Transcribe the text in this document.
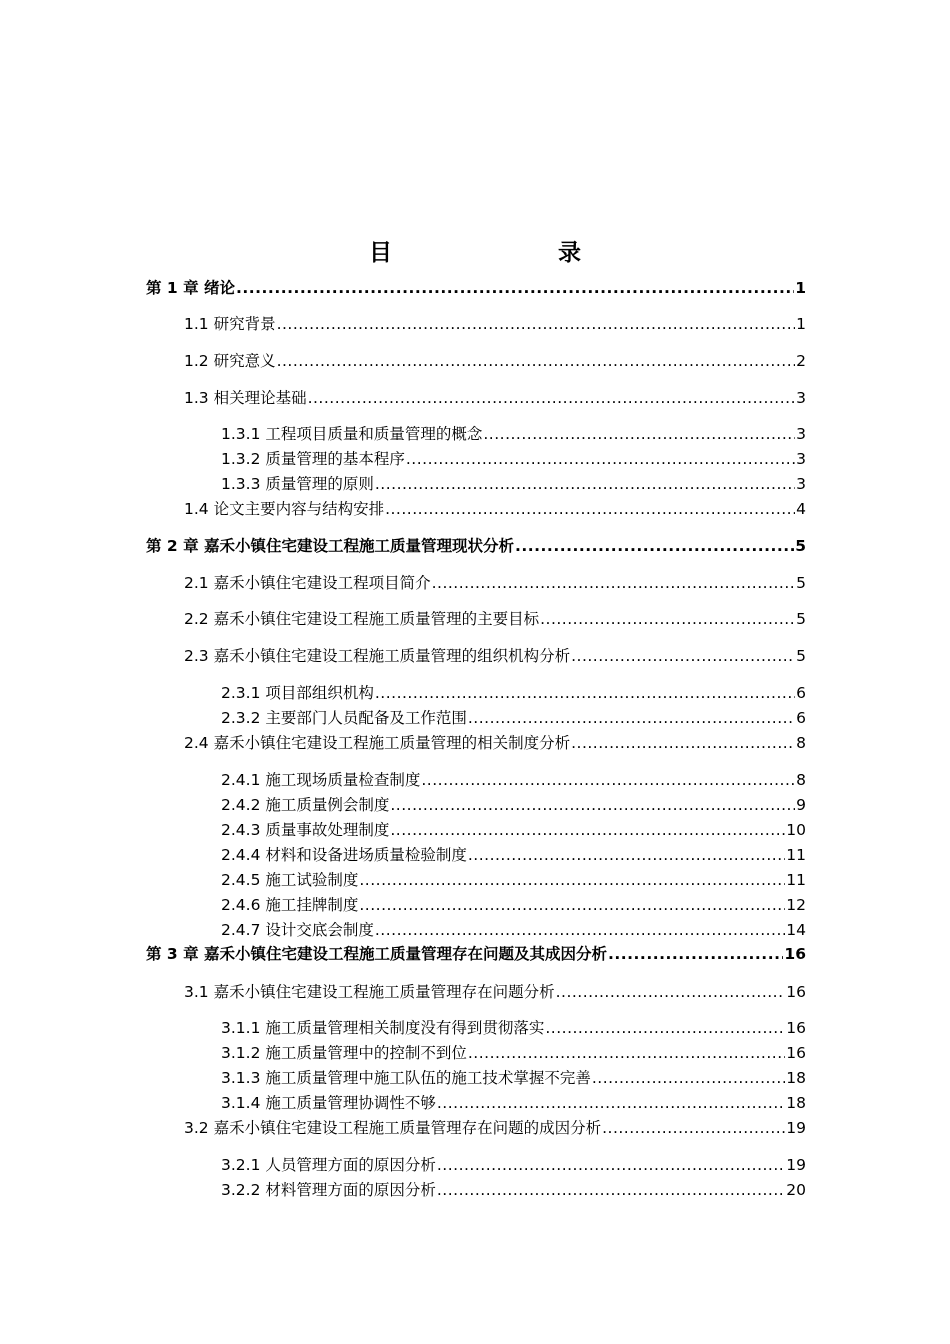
目　　录
第 1 章 绪论 .....	1
1.1 研究背景 .....	1
1.2 研究意义 .....	2
1.3 相关理论基础 .....	3
1.3.1 工程项目质量和质量管理的概念 .....	3
1.3.2 质量管理的基本程序 .....	3
1.3.3 质量管理的原则 .....	3
1.4 论文主要内容与结构安排 .....	4
第 2 章 嘉禾小镇住宅建设工程施工质量管理现状分析 .....	5
2.1 嘉禾小镇住宅建设工程项目简介 .....	5
2.2 嘉禾小镇住宅建设工程施工质量管理的主要目标 .....	5
2.3 嘉禾小镇住宅建设工程施工质量管理的组织机构分析 .....	5
2.3.1 项目部组织机构 .....	6
2.3.2 主要部门人员配备及工作范围 .....	6
2.4 嘉禾小镇住宅建设工程施工质量管理的相关制度分析 .....	8
2.4.1 施工现场质量检查制度 .....	8
2.4.2 施工质量例会制度 .....	9
2.4.3 质量事故处理制度 .....	10
2.4.4 材料和设备进场质量检验制度 .....	11
2.4.5 施工试验制度 .....	11
2.4.6 施工挂牌制度 .....	12
2.4.7 设计交底会制度 .....	14
第 3 章 嘉禾小镇住宅建设工程施工质量管理存在问题及其成因分析 .....	16
3.1 嘉禾小镇住宅建设工程施工质量管理存在问题分析 .....	16
3.1.1 施工质量管理相关制度没有得到贯彻落实 .....	16
3.1.2 施工质量管理中的控制不到位 .....	16
3.1.3 施工质量管理中施工队伍的施工技术掌握不完善 .....	18
3.1.4 施工质量管理协调性不够 .....	18
3.2 嘉禾小镇住宅建设工程施工质量管理存在问题的成因分析 .....	19
3.2.1 人员管理方面的原因分析 .....	19
3.2.2 材料管理方面的原因分析 .....	20
